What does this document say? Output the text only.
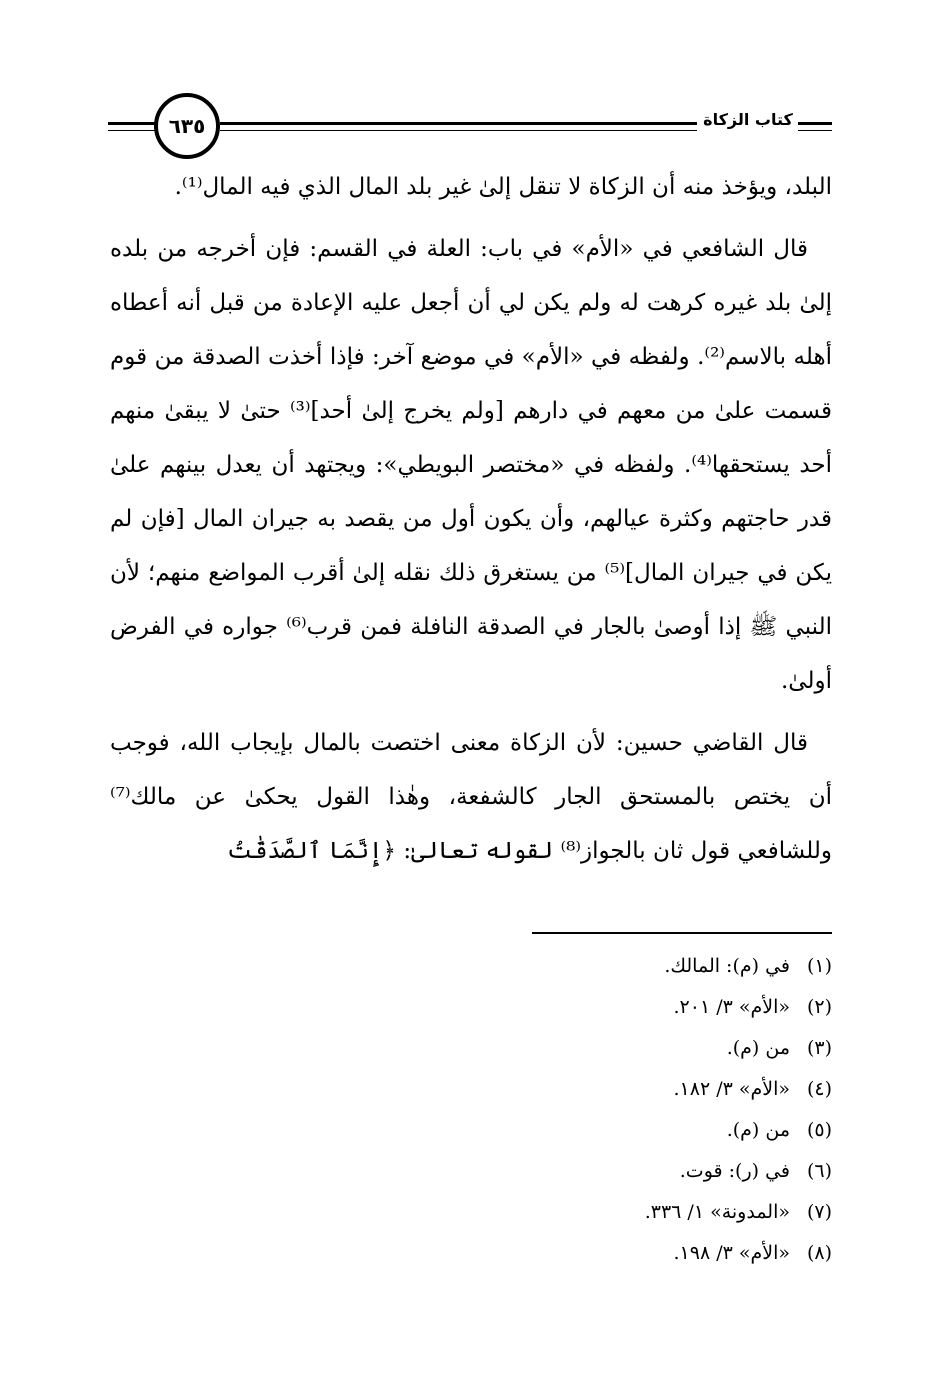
٦٣٥	كتاب الزكاة

البلد، ويؤخذ منه أن الزكاة لا تنقل إلىٰ غير بلد المال الذي فيه المال⁽¹⁾.

قال الشافعي في «الأم» في باب: العلة في القسم: فإن أخرجه من بلده إلىٰ بلد غيره كرهت له ولم يكن لي أن أجعل عليه الإعادة من قبل أنه أعطاه أهله بالاسم⁽²⁾. ولفظه في «الأم» في موضع آخر: فإذا أخذت الصدقة من قوم قسمت علىٰ من معهم في دارهم [ولم يخرج إلىٰ أحد]⁽³⁾ حتىٰ لا يبقىٰ منهم أحد يستحقها⁽⁴⁾. ولفظه في «مختصر البويطي»: ويجتهد أن يعدل بينهم علىٰ قدر حاجتهم وكثرة عيالهم، وأن يكون أول من يقصد به جيران المال [فإن لم يكن في جيران المال]⁽⁵⁾ من يستغرق ذلك نقله إلىٰ أقرب المواضع منهم؛ لأن النبي ﷺ إذا أوصىٰ بالجار في الصدقة النافلة فمن قرب⁽⁶⁾ جواره في الفرض أولىٰ.

قال القاضي حسين: لأن الزكاة معنى اختصت بالمال بإيجاب الله، فوجب أن يختص بالمستحق الجار كالشفعة، وهٰذا القول يحكىٰ عن مالك⁽⁷⁾ وللشافعي قول ثان بالجواز⁽⁸⁾ لقوله تعالىٰ: ﴿إِنَّمَا ٱلصَّدَقَٰتُ

(١)
في (م): المالك.
(٢)
«الأم» ٣/ ٢٠١.
(٣)
من (م).
(٤)
«الأم» ٣/ ١٨٢.
(٥)
من (م).
(٦)
في (ر): قوت.
(٧)
«المدونة» ١/ ٣٣٦.
(٨)
«الأم» ٣/ ١٩٨.
